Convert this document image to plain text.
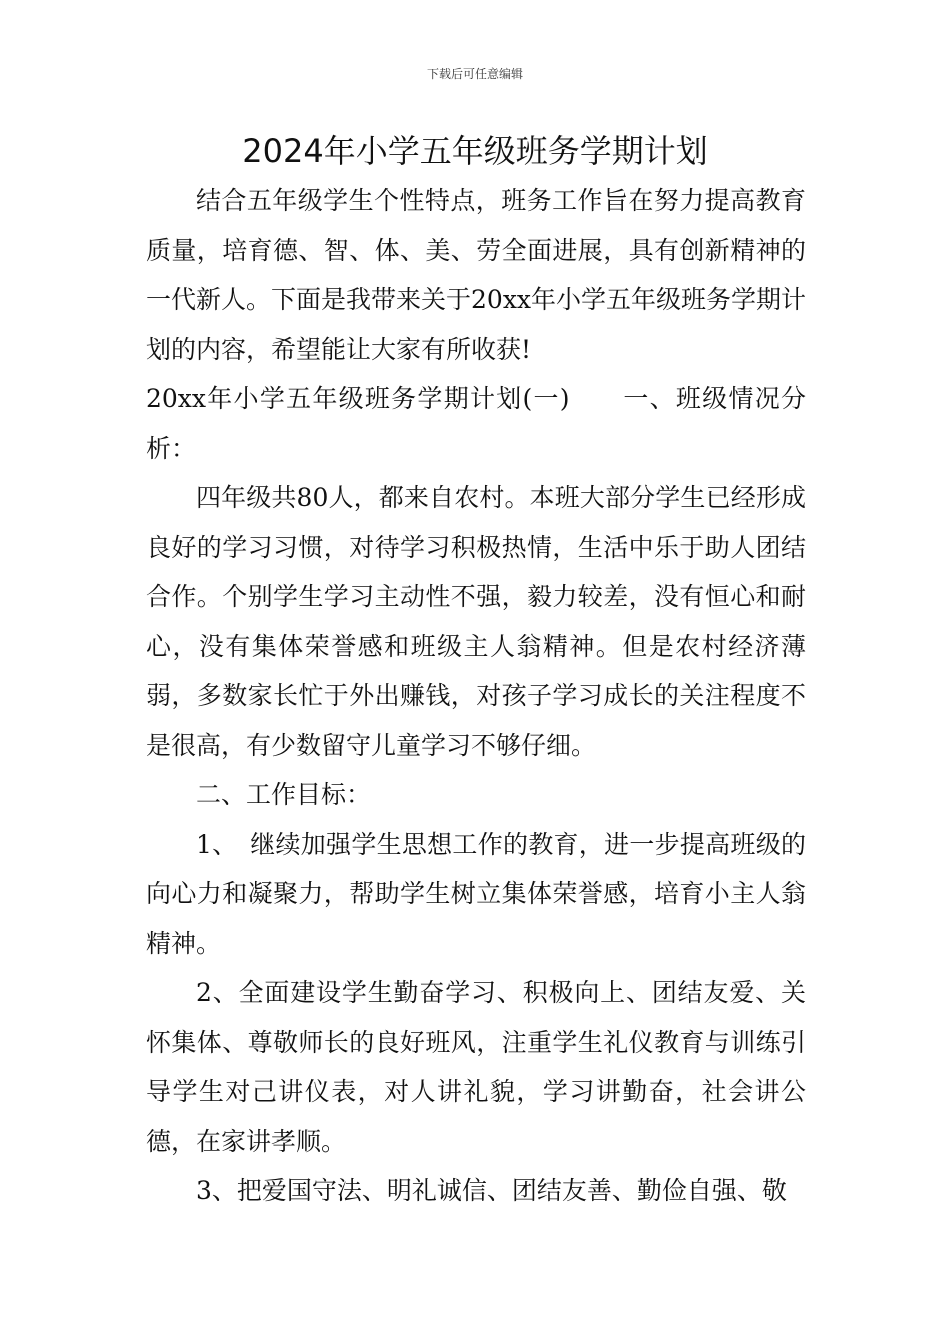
下载后可任意编辑
2024年小学五年级班务学期计划

结合五年级学生个性特点，班务工作旨在努力提高教育质量，培育德、智、体、美、劳全面进展，具有创新精神的一代新人。下面是我带来关于20xx年小学五年级班务学期计划的内容，希望能让大家有所收获!

20xx年小学五年级班务学期计划(一)　　一、班级情况分析：

四年级共80人，都来自农村。本班大部分学生已经形成良好的学习习惯，对待学习积极热情，生活中乐于助人团结合作。个别学生学习主动性不强，毅力较差，没有恒心和耐心，没有集体荣誉感和班级主人翁精神。但是农村经济薄弱，多数家长忙于外出赚钱，对孩子学习成长的关注程度不是很高，有少数留守儿童学习不够仔细。

二、工作目标：

1、　继续加强学生思想工作的教育，进一步提高班级的向心力和凝聚力，帮助学生树立集体荣誉感，培育小主人翁精神。

2、全面建设学生勤奋学习、积极向上、团结友爱、关怀集体、尊敬师长的良好班风，注重学生礼仪教育与训练引导学生对己讲仪表，对人讲礼貌，学习讲勤奋，社会讲公德，在家讲孝顺。

3、把爱国守法、明礼诚信、团结友善、勤俭自强、敬
